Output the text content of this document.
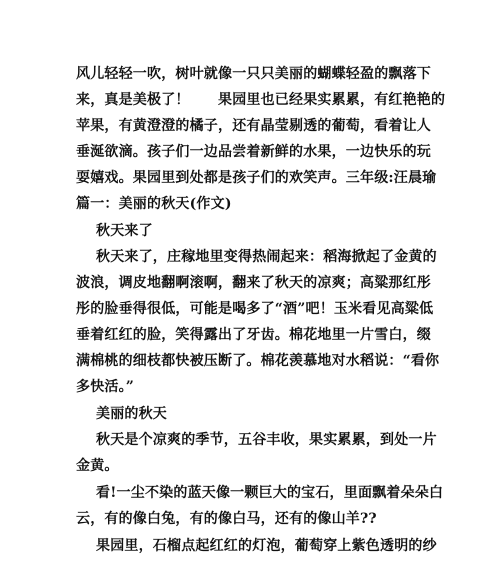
风儿轻轻一吹，树叶就像一只只美丽的蝴蝶轻盈的飘落下
来，真是美极了！　　果园里也已经果实累累，有红艳艳的
苹果，有黄澄澄的橘子，还有晶莹剔透的葡萄，看着让人
垂涎欲滴。孩子们一边品尝着新鲜的水果，一边快乐的玩
耍嬉戏。果园里到处都是孩子们的欢笑声。三年级:汪晨瑜
篇一：美丽的秋天(作文)
秋天来了
秋天来了，庄稼地里变得热闹起来：稻海掀起了金黄的
波浪，调皮地翻啊滚啊，翻来了秋天的凉爽；高粱那红彤
彤的脸垂得很低，可能是喝多了“酒”吧！玉米看见高粱低
垂着红红的脸，笑得露出了牙齿。棉花地里一片雪白，缀
满棉桃的细枝都快被压断了。棉花羡慕地对水稻说：“看你
多快活。”
美丽的秋天
秋天是个凉爽的季节，五谷丰收，果实累累，到处一片
金黄。
看!一尘不染的蓝天像一颗巨大的宝石，里面飘着朵朵白
云，有的像白兔，有的像白马，还有的像山羊??
果园里，石榴点起红红的灯泡，葡萄穿上紫色透明的纱
